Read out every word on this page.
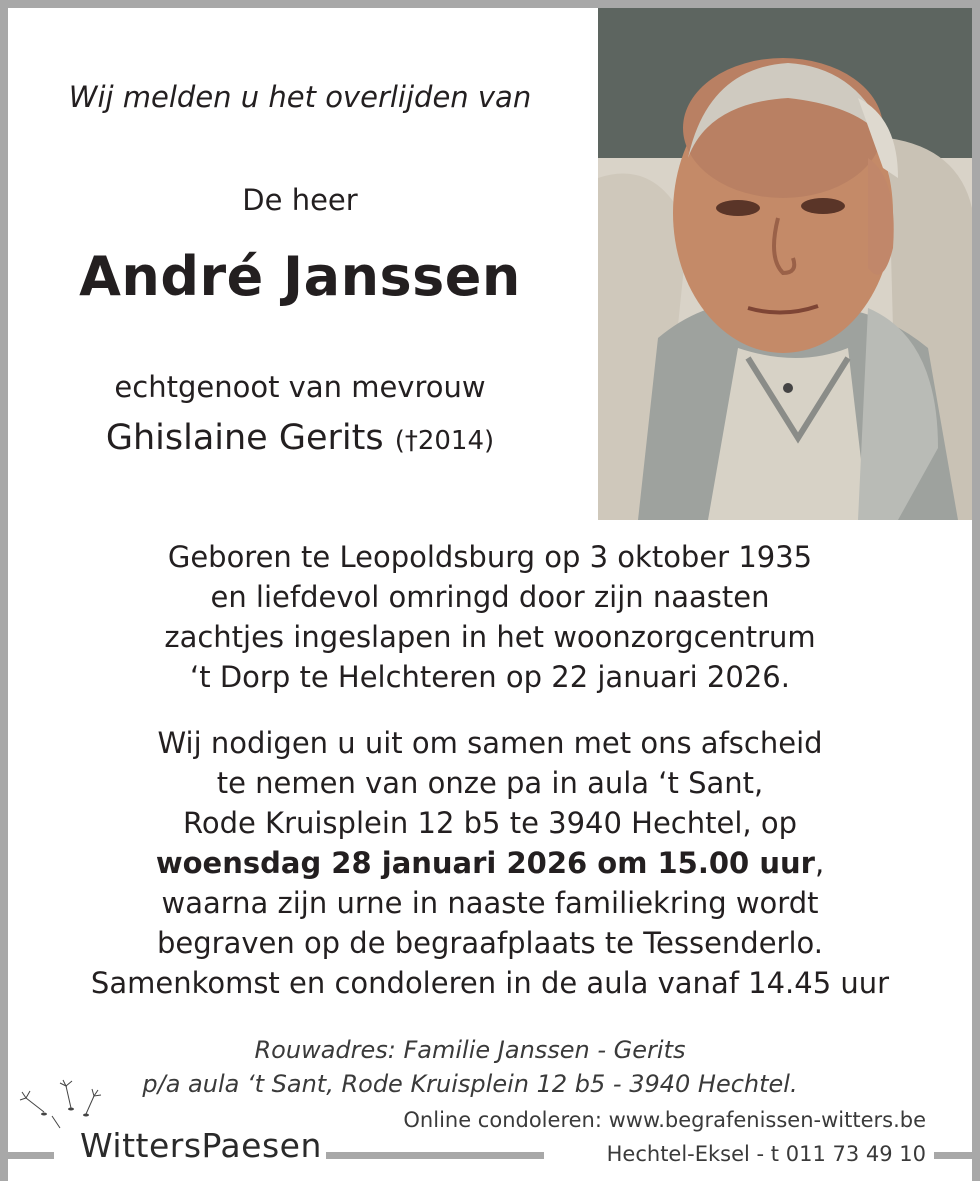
Wij melden u het overlijden van
De heer
André Janssen
echtgenoot van mevrouw
Ghislaine Gerits (†2014)
Geboren te Leopoldsburg op 3 oktober 1935
en liefdevol omringd door zijn naasten
zachtjes ingeslapen in het woonzorgcentrum
‘t Dorp te Helchteren op 22 januari 2026.
Wij nodigen u uit om samen met ons afscheid
te nemen van onze pa in aula ‘t Sant,
Rode Kruisplein 12 b5 te 3940 Hechtel, op
woensdag 28 januari 2026 om 15.00 uur,
waarna zijn urne in naaste familiekring wordt
begraven op de begraafplaats te Tessenderlo.
Samenkomst en condoleren in de aula vanaf 14.45 uur
Rouwadres: Familie Janssen - Gerits
p/a aula ‘t Sant, Rode Kruisplein 12 b5 - 3940 Hechtel.
WittersPaesen
Online condoleren: www.begrafenissen-witters.be
Hechtel-Eksel - t 011 73 49 10
